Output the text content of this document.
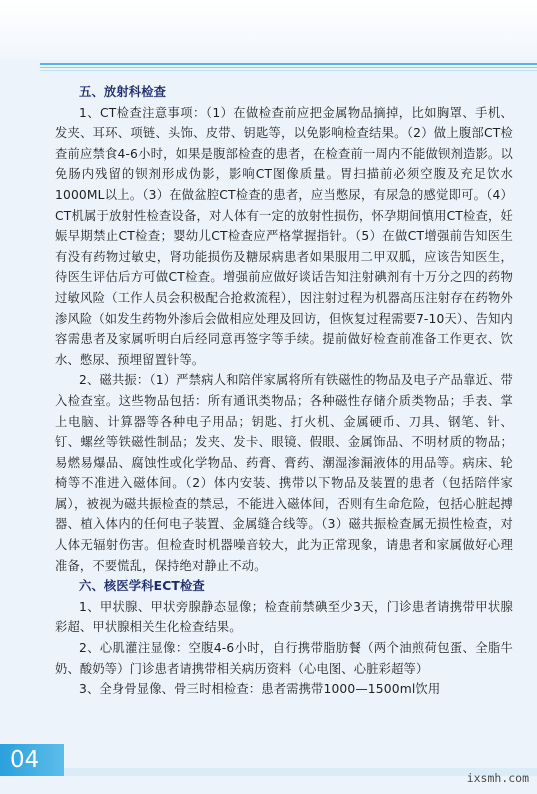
五、放射科检查
1、CT检查注意事项：（1）在做检查前应把金属物品摘掉，比如胸罩、手机、发夹、耳环、项链、头饰、皮带、钥匙等，以免影响检查结果。（2）做上腹部CT检查前应禁食4-6小时，如果是腹部检查的患者，在检查前一周内不能做钡剂造影。以免肠内残留的钡剂形成伪影，影响CT图像质量。胃扫描前必须空腹及充足饮水1000ML以上。（3）在做盆腔CT检查的患者，应当憋尿，有尿急的感觉即可。（4）CT机属于放射性检查设备，对人体有一定的放射性损伤，怀孕期间慎用CT检查，妊娠早期禁止CT检查；婴幼儿CT检查应严格掌握指针。（5）在做CT增强前告知医生有没有药物过敏史，肾功能损伤及糖尿病患者如果服用二甲双胍，应该告知医生，待医生评估后方可做CT检查。增强前应做好谈话告知注射碘剂有十万分之四的药物过敏风险（工作人员会积极配合抢救流程），因注射过程为机器高压注射存在药物外渗风险（如发生药物外渗后会做相应处理及回访，但恢复过程需要7-10天）、告知内容需患者及家属听明白后经同意再签字等手续。提前做好检查前准备工作更衣、饮水、憋尿、预埋留置针等。
2、磁共振：（1）严禁病人和陪伴家属将所有铁磁性的物品及电子产品靠近、带入检查室。这些物品包括：所有通讯类物品；各种磁性存储介质类物品；手表、掌上电脑、计算器等各种电子用品；钥匙、打火机、金属硬币、刀具、钢笔、针、钉、螺丝等铁磁性制品；发夹、发卡、眼镜、假眼、金属饰品、不明材质的物品；易燃易爆品、腐蚀性或化学物品、药膏、膏药、潮湿渗漏液体的用品等。病床、轮椅等不准进入磁体间。（2）体内安装、携带以下物品及装置的患者（包括陪伴家属），被视为磁共振检查的禁忌，不能进入磁体间，否则有生命危险，包括心脏起搏器、植入体内的任何电子装置、金属缝合线等。（3）磁共振检查属无损性检查，对人体无辐射伤害。但检查时机器噪音较大，此为正常现象，请患者和家属做好心理准备，不要慌乱，保持绝对静止不动。
六、核医学科ECT检查
1、甲状腺、甲状旁腺静态显像；检查前禁碘至少3天，门诊患者请携带甲状腺彩超、甲状腺相关生化检查结果。
2、心肌灌注显像：空腹4-6小时，自行携带脂肪餐（两个油煎荷包蛋、全脂牛奶、酸奶等）门诊患者请携带相关病历资料（心电图、心脏彩超等）
3、全身骨显像、骨三时相检查：患者需携带1000—1500ml饮用
04
ixsmh.com
